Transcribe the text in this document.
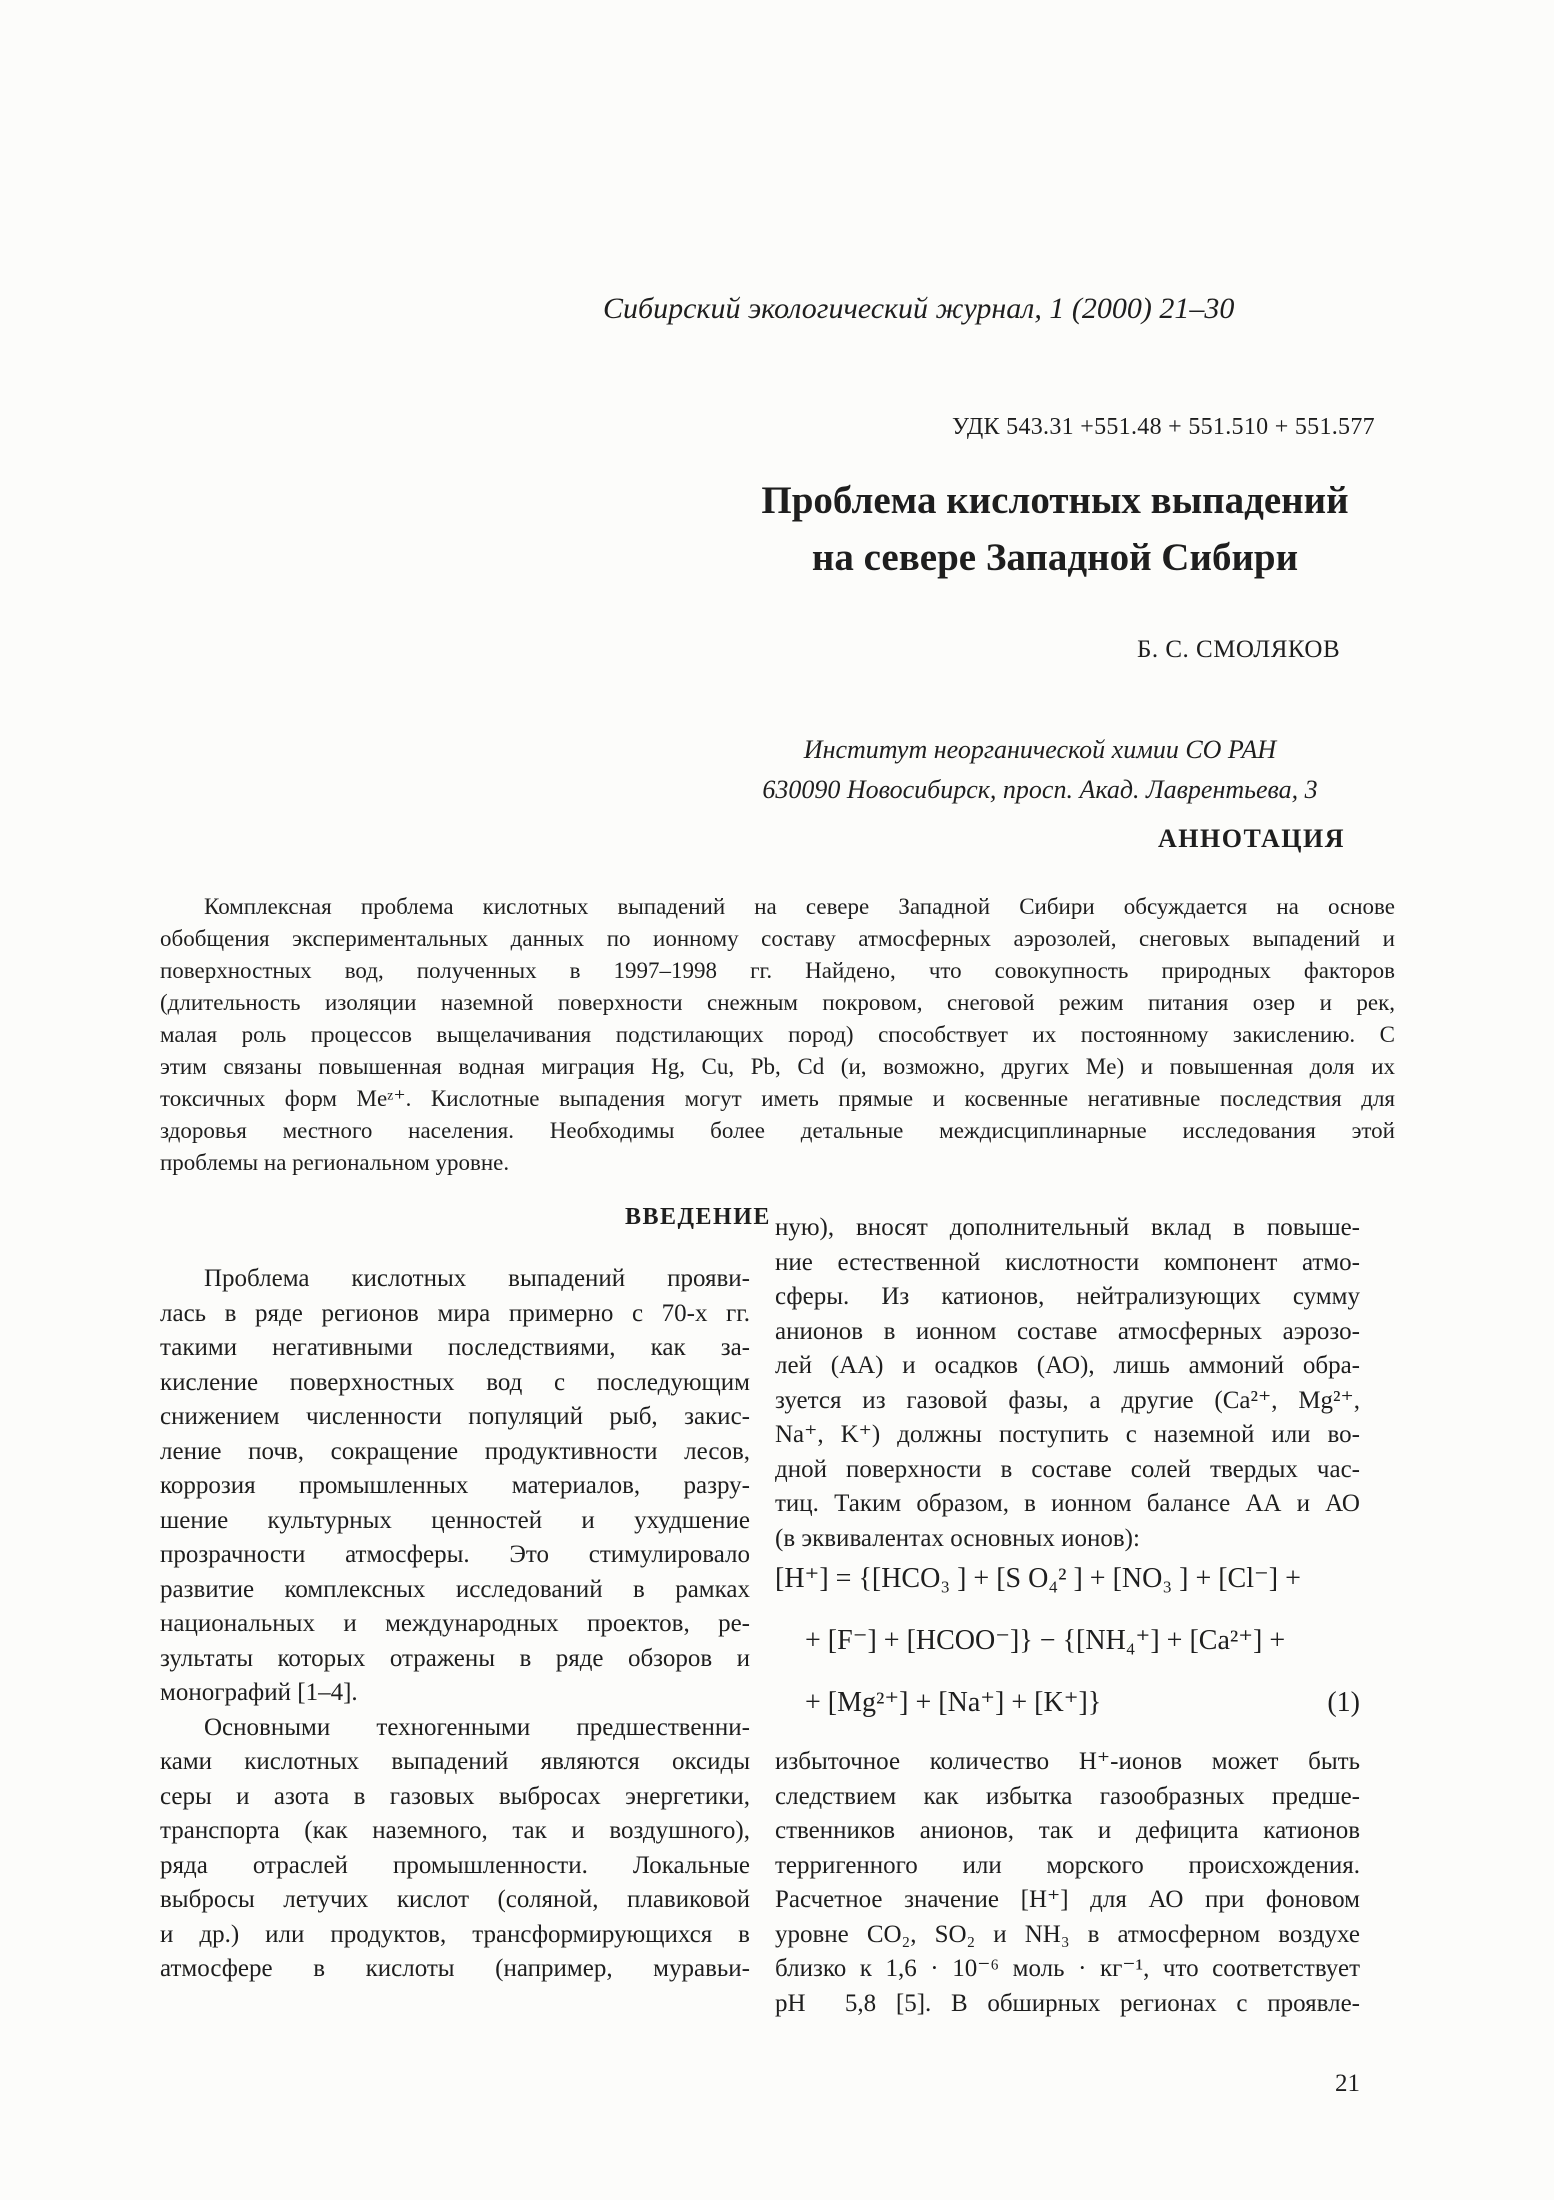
Сибирский экологический журнал, 1 (2000) 21–30
УДК 543.31 +551.48 + 551.510 + 551.577
Проблема кислотных выпадений
на севере Западной Сибири
Б. С. СМОЛЯКОВ
Институт неорганической химии СО РАН
630090 Новосибирск, просп. Акад. Лаврентьева, 3
АННОТАЦИЯ
Комплексная проблема кислотных выпадений на севере Западной Сибири обсуждается на основе
обобщения экспериментальных данных по ионному составу атмосферных аэрозолей, снеговых выпадений и
поверхностных вод, полученных в 1997–1998 гг. Найдено, что совокупность природных факторов
(длительность изоляции наземной поверхности снежным покровом, снеговой режим питания озер и рек,
малая роль процессов выщелачивания подстилающих пород) способствует их постоянному закислению. С
этим связаны повышенная водная миграция Hg, Cu, Pb, Cd (и, возможно, других Me) и повышенная доля их
токсичных форм Meᶻ⁺. Кислотные выпадения могут иметь прямые и косвенные негативные последствия для
здоровья местного населения. Необходимы более детальные междисциплинарные исследования этой
проблемы на региональном уровне.
ВВЕДЕНИЕ
Проблема кислотных выпадений прояви-
лась в ряде регионов мира примерно с 70-х гг.
такими негативными последствиями, как за-
кисление поверхностных вод с последующим
снижением численности популяций рыб, закис-
ление почв, сокращение продуктивности лесов,
коррозия промышленных материалов, разру-
шение культурных ценностей и ухудшение
прозрачности атмосферы. Это стимулировало
развитие комплексных исследований в рамках
национальных и международных проектов, ре-
зультаты которых отражены в ряде обзоров и
монографий [1–4].
Основными техногенными предшественни-
ками кислотных выпадений являются оксиды
серы и азота в газовых выбросах энергетики,
транспорта (как наземного, так и воздушного),
ряда отраслей промышленности. Локальные
выбросы летучих кислот (соляной, плавиковой
и др.) или продуктов, трансформирующихся в
атмосфере в кислоты (например, муравьи-
ную), вносят дополнительный вклад в повыше-
ние естественной кислотности компонент атмо-
сферы. Из катионов, нейтрализующих сумму
анионов в ионном составе атмосферных аэрозо-
лей (АА) и осадков (АО), лишь аммоний обра-
зуется из газовой фазы, а другие (Ca²⁺, Mg²⁺,
Na⁺, K⁺) должны поступить с наземной или во-
дной поверхности в составе солей твердых час-
тиц. Таким образом, в ионном балансе АА и АО
(в эквивалентах основных ионов):
[H⁺] = {[HCO₃ ] + [S O₄² ] + [NO₃ ] + [Cl⁻] +
+ [F⁻] + [HCOO⁻]} − {[NH₄⁺] + [Ca²⁺] +
+ [Mg²⁺] + [Na⁺] + [K⁺]}	(1)
избыточное количество H⁺-ионов может быть
следствием как избытка газообразных предше-
ственников анионов, так и дефицита катионов
терригенного или морского происхождения.
Расчетное значение [H⁺] для АО при фоновом
уровне CO₂, SO₂ и NH₃ в атмосферном воздухе
близко к 1,6 · 10⁻⁶ моль · кг⁻¹, что соответствует
pH  5,8 [5]. В обширных регионах с проявле-
21
